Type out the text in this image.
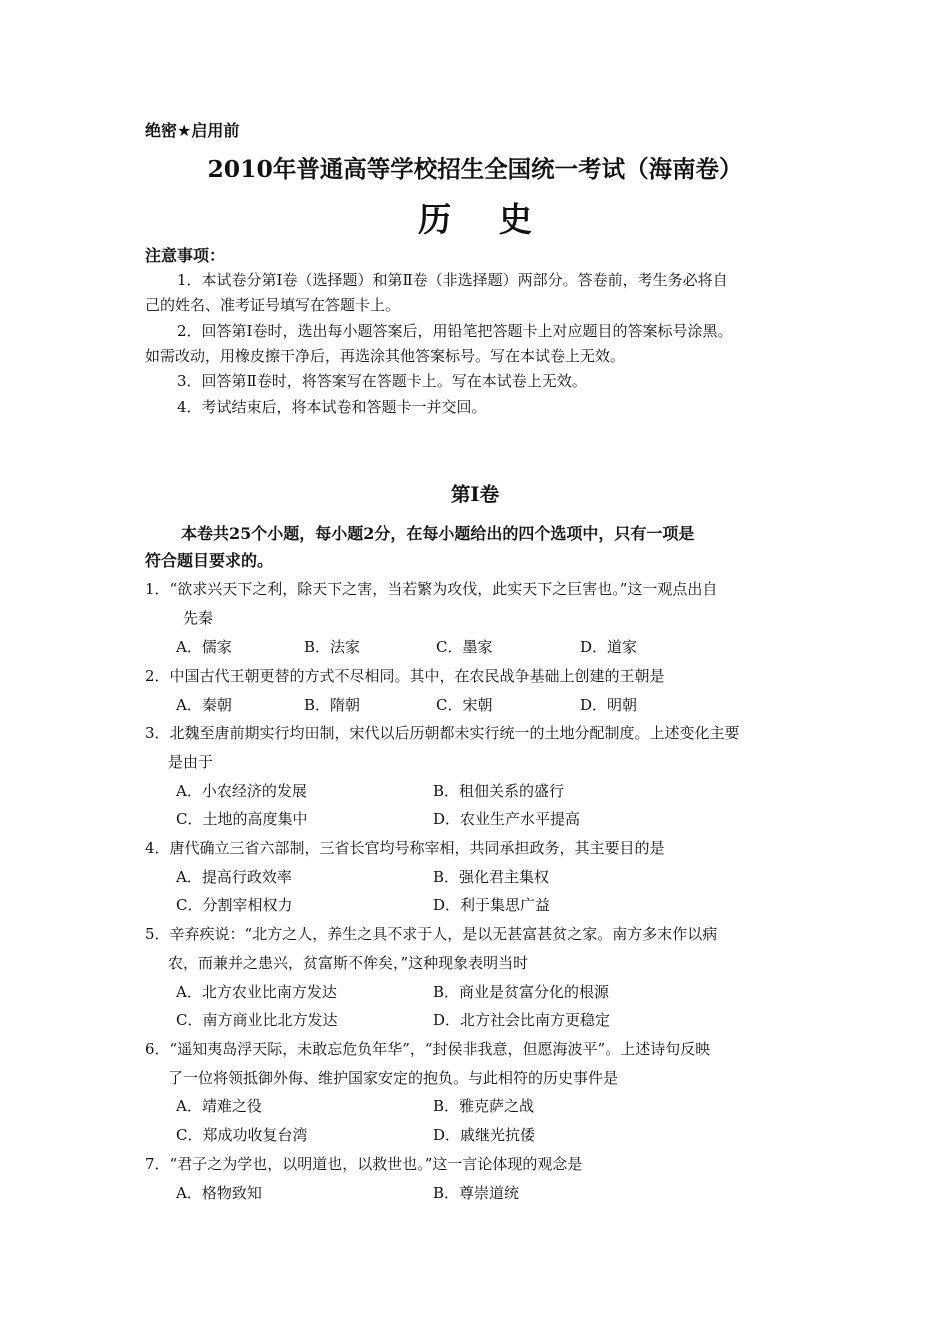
绝密★启用前
2010年普通高等学校招生全国统一考试（海南卷）
历 史
注意事项：
1．本试卷分第Ⅰ卷（选择题）和第Ⅱ卷（非选择题）两部分。答卷前，考生务必将自
己的姓名、准考证号填写在答题卡上。
2．回答第Ⅰ卷时，选出每小题答案后，用铅笔把答题卡上对应题目的答案标号涂黑。
如需改动，用橡皮擦干净后，再选涂其他答案标号。写在本试卷上无效。
3．回答第Ⅱ卷时，将答案写在答题卡上。写在本试卷上无效。
4．考试结束后，将本试卷和答题卡一并交回。
第Ⅰ卷
本卷共25个小题，每小题2分，在每小题给出的四个选项中，只有一项是
符合题目要求的。
1．“欲求兴天下之利，除天下之害，当若繁为攻伐，此实天下之巨害也。”这一观点出自
先秦
A．儒家	B．法家	C．墨家	D．道家
2．中国古代王朝更替的方式不尽相同。其中，在农民战争基础上创建的王朝是
A．秦朝	B．隋朝	C．宋朝	D．明朝
3．北魏至唐前期实行均田制，宋代以后历朝都未实行统一的土地分配制度。上述变化主要
是由于
A．小农经济的发展	B．租佃关系的盛行
C．土地的高度集中	D．农业生产水平提高
4．唐代确立三省六部制，三省长官均号称宰相，共同承担政务，其主要目的是
A．提高行政效率	B．强化君主集权
C．分割宰相权力	D．利于集思广益
5．辛弃疾说：“北方之人，养生之具不求于人，是以无甚富甚贫之家。南方多末作以病
农，而兼并之患兴，贫富斯不侔矣，”这种现象表明当时
A．北方农业比南方发达	B．商业是贫富分化的根源
C．南方商业比北方发达	D．北方社会比南方更稳定
6．“遥知夷岛浮天际，未敢忘危负年华”，“封侯非我意，但愿海波平”。上述诗句反映
了一位将领抵御外侮、维护国家安定的抱负。与此相符的历史事件是
A．靖难之役	B．雅克萨之战
C．郑成功收复台湾	D．戚继光抗倭
7．“君子之为学也，以明道也，以救世也。”这一言论体现的观念是
A．格物致知	B．尊崇道统
